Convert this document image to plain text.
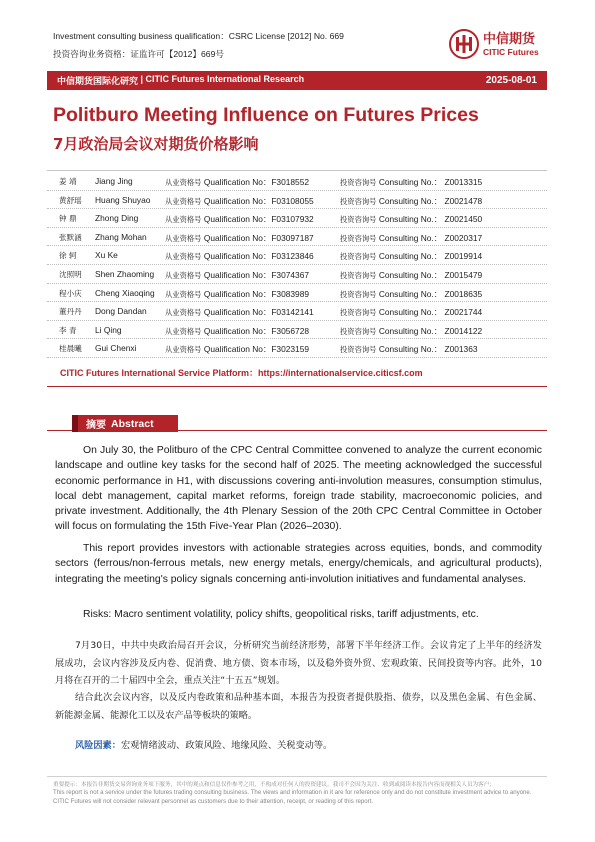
Investment consulting business qualification：CSRC License [2012] No. 669
投资咨询业务资格：证监许可【2012】669号
中信期货
CITIC Futures
中信期货国际化研究 | CITIC Futures International Research	2025-08-01
Politburo Meeting Influence on Futures Prices
7月政治局会议对期货价格影响
姜 靖 Jiang Jing	从业资格号 Qualification No：F3018552	投资咨询号 Consulting No.： Z0013315
黄舒瑶 Huang Shuyao 从业资格号 Qualification No：F03108055	投资咨询号 Consulting No.： Z0021478
钟 鼎 Zhong Ding	从业资格号 Qualification No：F03107932	投资咨询号 Consulting No.： Z0021450
张默涵 Zhang Mohan	从业资格号 Qualification No：F03097187	投资咨询号 Consulting No.： Z0020317
徐 轲 Xu Ke	从业资格号 Qualification No：F03123846	投资咨询号 Consulting No.： Z0019914
沈照明 Shen Zhaoming 从业资格号 Qualification No：F3074367	投资咨询号 Consulting No.： Z0015479
程小庆 Cheng Xiaoqing 从业资格号 Qualification No：F3083989	投资咨询号 Consulting No.： Z0018635
董丹丹 Dong Dandan	从业资格号 Qualification No：F03142141	投资咨询号 Consulting No.： Z0021744
李 青 Li Qing	从业资格号 Qualification No：F3056728	投资咨询号 Consulting No.： Z0014122
桂晨曦 Gui Chenxi	从业资格号 Qualification No：F3023159	投资咨询号 Consulting No.： Z001363
CITIC Futures International Service Platform：https://internationalservice.citicsf.com
摘要 Abstract

On July 30, the Politburo of the CPC Central Committee convened to analyze the current economic landscape and outline key tasks for the second half of 2025. The meeting acknowledged the successful economic performance in H1, with discussions covering anti-involution measures, consumption stimulus, local debt management, capital market reforms, foreign trade stability, macroeconomic policies, and private investment. Additionally, the 4th Plenary Session of the 20th CPC Central Committee in October will focus on formulating the 15th Five-Year Plan (2026–2030).

This report provides investors with actionable strategies across equities, bonds, and commodity sectors (ferrous/non-ferrous metals, new energy metals, energy/chemicals, and agricultural products), integrating the meeting's policy signals concerning anti-involution initiatives and fundamental analyses.

Risks: Macro sentiment volatility, policy shifts, geopolitical risks, tariff adjustments, etc.

7月30日，中共中央政治局召开会议，分析研究当前经济形势，部署下半年经济工作。会议肯定了上半年的经济发展成功，会议内容涉及反内卷、促消费、地方债、资本市场，以及稳外资外贸、宏观政策、民间投资等内容。此外，10月将在召开的二十届四中全会，重点关注“十五五”规划。

结合此次会议内容，以及反内卷政策和品种基本面，本报告为投资者提供股指、债券，以及黑色金属、有色金属、新能源金属、能源化工以及农产品等板块的策略。

风险因素：宏观情绪波动、政策风险、地缘风险、关税变动等。

重要提示：本报告非期货交易咨询业务项下服务，其中的观点和信息仅作参考之用，不构成对任何人的投资建议。我司不会因为关注、收到或阅读本报告内容而视相关人员为客户；
This report is not a service under the futures trading consulting business. The views and information in it are for reference only and do not constitute investment advice to anyone. CITIC Futures will not consider relevant personnel as customers due to their attention, receipt, or reading of this report.
